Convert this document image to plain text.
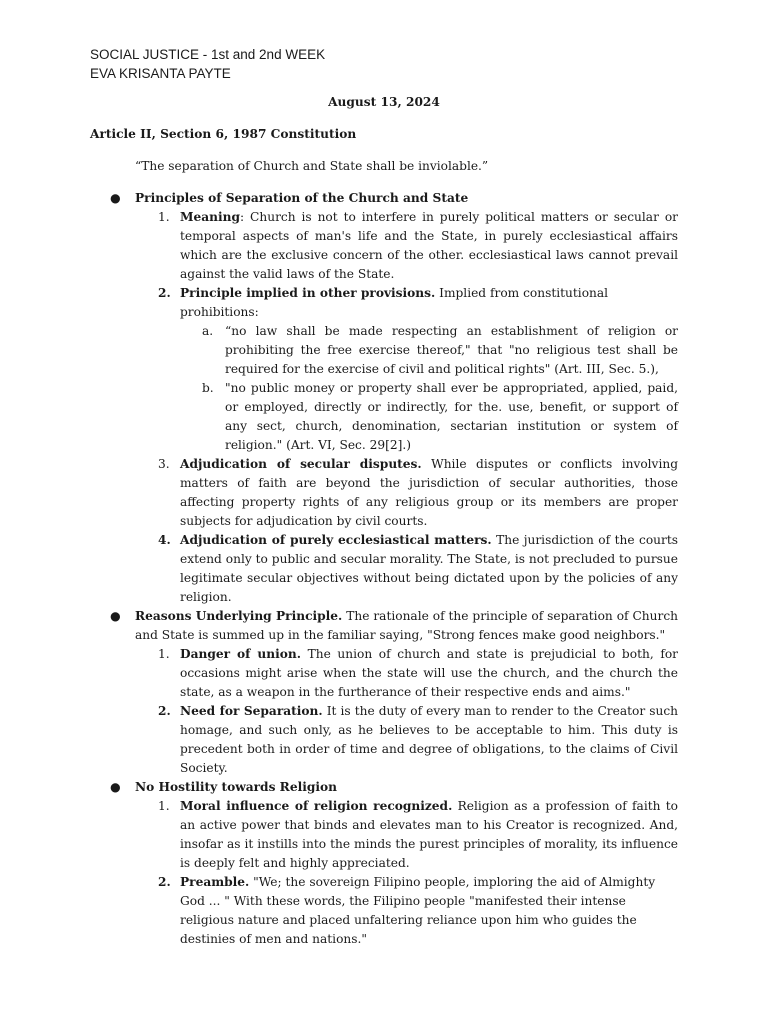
SOCIAL JUSTICE - 1st and 2nd WEEK
EVA KRISANTA PAYTE
August 13, 2024
Article II, Section 6, 1987 Constitution
“The separation of Church and State shall be inviolable.”
● Principles of Separation of the Church and State
1. Meaning: Church is not to interfere in purely political matters or secular or temporal aspects of man's life and the State, in purely ecclesiastical affairs which are the exclusive concern of the other. ecclesiastical laws cannot prevail against the valid laws of the State.
2. Principle implied in other provisions. Implied from constitutional prohibitions:
a. “no law shall be made respecting an establishment of religion or prohibiting the free exercise thereof," that "no religious test shall be required for the exercise of civil and political rights" (Art. III, Sec. 5.),
b. "no public money or property shall ever be appropriated, applied, paid, or employed, directly or indirectly, for the. use, benefit, or support of any sect, church, denomination, sectarian institution or system of religion." (Art. VI, Sec. 29[2].)
3. Adjudication of secular disputes. While disputes or conflicts involving matters of faith are beyond the jurisdiction of secular authorities, those affecting property rights of any religious group or its members are proper subjects for adjudication by civil courts.
4. Adjudication of purely ecclesiastical matters. The jurisdiction of the courts extend only to public and secular morality. The State, is not precluded to pursue legitimate secular objectives without being dictated upon by the policies of any religion.
● Reasons Underlying Principle. The rationale of the principle of separation of Church and State is summed up in the familiar saying, "Strong fences make good neighbors."
1. Danger of union. The union of church and state is prejudicial to both, for occasions might arise when the state will use the church, and the church the state, as a weapon in the furtherance of their respective ends and aims."
2. Need for Separation. It is the duty of every man to render to the Creator such homage, and such only, as he believes to be acceptable to him. This duty is precedent both in order of time and degree of obligations, to the claims of Civil Society.
● No Hostility towards Religion
1. Moral influence of religion recognized. Religion as a profession of faith to an active power that binds and elevates man to his Creator is recognized. And, insofar as it instills into the minds the purest principles of morality, its influence is deeply felt and highly appreciated.
2. Preamble. "We; the sovereign Filipino people, imploring the aid of Almighty God ... " With these words, the Filipino people "manifested their intense religious nature and placed unfaltering reliance upon him who guides the destinies of men and nations."
